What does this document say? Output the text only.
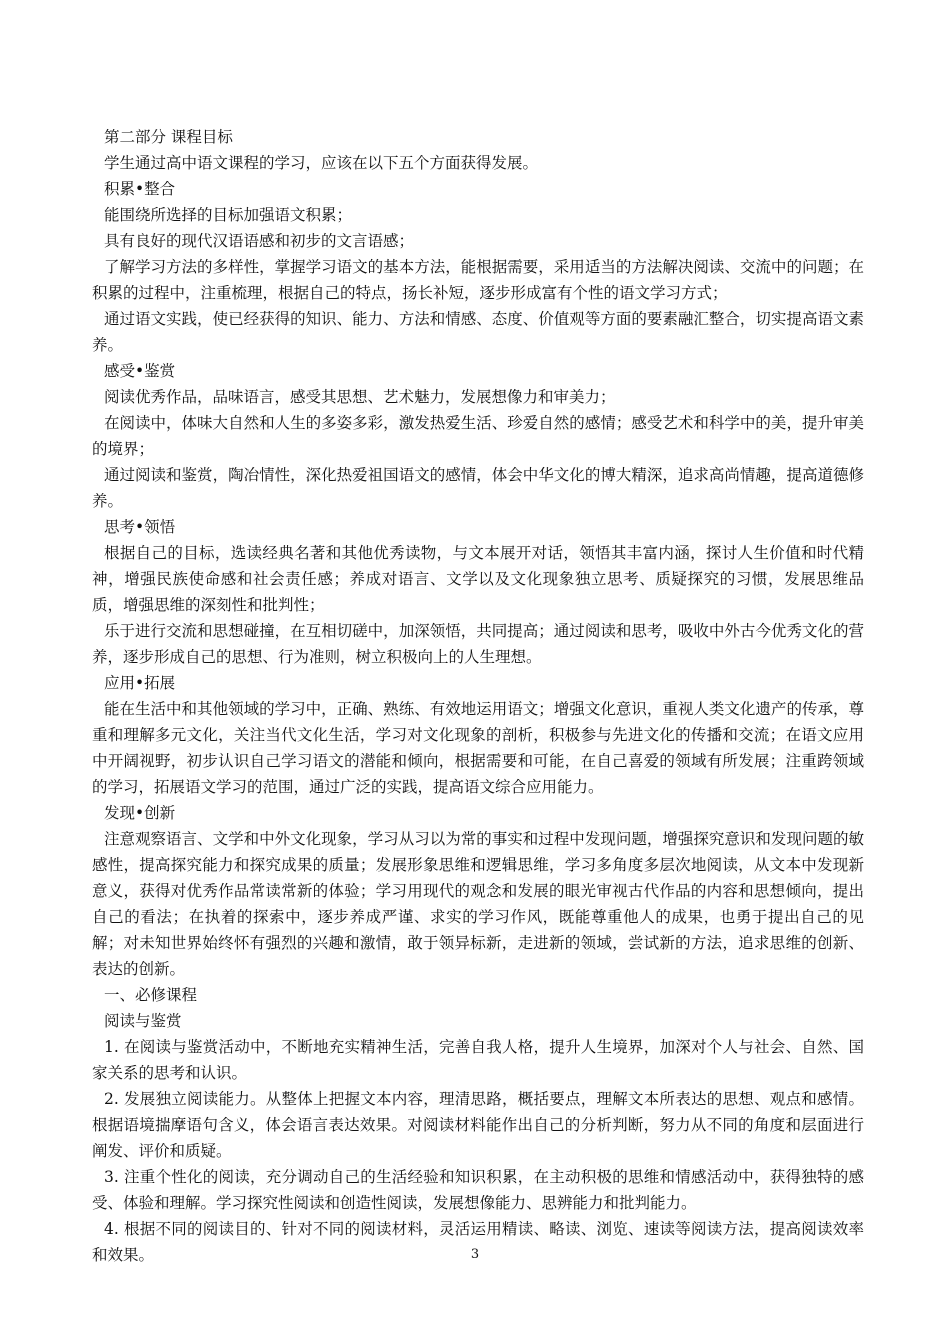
第二部分 课程目标

学生通过高中语文课程的学习，应该在以下五个方面获得发展。

积累•整合

能围绕所选择的目标加强语文积累；

具有良好的现代汉语语感和初步的文言语感；

了解学习方法的多样性，掌握学习语文的基本方法，能根据需要，采用适当的方法解决阅读、交流中的问题；在积累的过程中，注重梳理，根据自己的特点，扬长补短，逐步形成富有个性的语文学习方式；

通过语文实践，使已经获得的知识、能力、方法和情感、态度、价值观等方面的要素融汇整合，切实提高语文素养。

感受•鉴赏

阅读优秀作品，品味语言，感受其思想、艺术魅力，发展想像力和审美力；

在阅读中，体味大自然和人生的多姿多彩，激发热爱生活、珍爱自然的感情；感受艺术和科学中的美，提升审美的境界；

通过阅读和鉴赏，陶冶情性，深化热爱祖国语文的感情，体会中华文化的博大精深，追求高尚情趣，提高道德修养。

思考•领悟

根据自己的目标，选读经典名著和其他优秀读物，与文本展开对话，领悟其丰富内涵，探讨人生价值和时代精神，增强民族使命感和社会责任感；养成对语言、文学以及文化现象独立思考、质疑探究的习惯，发展思维品质，增强思维的深刻性和批判性；

乐于进行交流和思想碰撞，在互相切磋中，加深领悟，共同提高；通过阅读和思考，吸收中外古今优秀文化的营养，逐步形成自己的思想、行为准则，树立积极向上的人生理想。

应用•拓展

能在生活中和其他领域的学习中，正确、熟练、有效地运用语文；增强文化意识，重视人类文化遗产的传承，尊重和理解多元文化，关注当代文化生活，学习对文化现象的剖析，积极参与先进文化的传播和交流；在语文应用中开阔视野，初步认识自己学习语文的潜能和倾向，根据需要和可能，在自己喜爱的领域有所发展；注重跨领域的学习，拓展语文学习的范围，通过广泛的实践，提高语文综合应用能力。

发现•创新

注意观察语言、文学和中外文化现象，学习从习以为常的事实和过程中发现问题，增强探究意识和发现问题的敏感性，提高探究能力和探究成果的质量；发展形象思维和逻辑思维，学习多角度多层次地阅读，从文本中发现新意义，获得对优秀作品常读常新的体验；学习用现代的观念和发展的眼光审视古代作品的内容和思想倾向，提出自己的看法；在执着的探索中，逐步养成严谨、求实的学习作风，既能尊重他人的成果，也勇于提出自己的见解；对未知世界始终怀有强烈的兴趣和激情，敢于领异标新，走进新的领域，尝试新的方法，追求思维的创新、表达的创新。

一、必修课程

阅读与鉴赏

1. 在阅读与鉴赏活动中，不断地充实精神生活，完善自我人格，提升人生境界，加深对个人与社会、自然、国家关系的思考和认识。

2. 发展独立阅读能力。从整体上把握文本内容，理清思路，概括要点，理解文本所表达的思想、观点和感情。根据语境揣摩语句含义，体会语言表达效果。对阅读材料能作出自己的分析判断，努力从不同的角度和层面进行阐发、评价和质疑。

3. 注重个性化的阅读，充分调动自己的生活经验和知识积累，在主动积极的思维和情感活动中，获得独特的感受、体验和理解。学习探究性阅读和创造性阅读，发展想像能力、思辨能力和批判能力。

4. 根据不同的阅读目的、针对不同的阅读材料，灵活运用精读、略读、浏览、速读等阅读方法，提高阅读效率和效果。	3
